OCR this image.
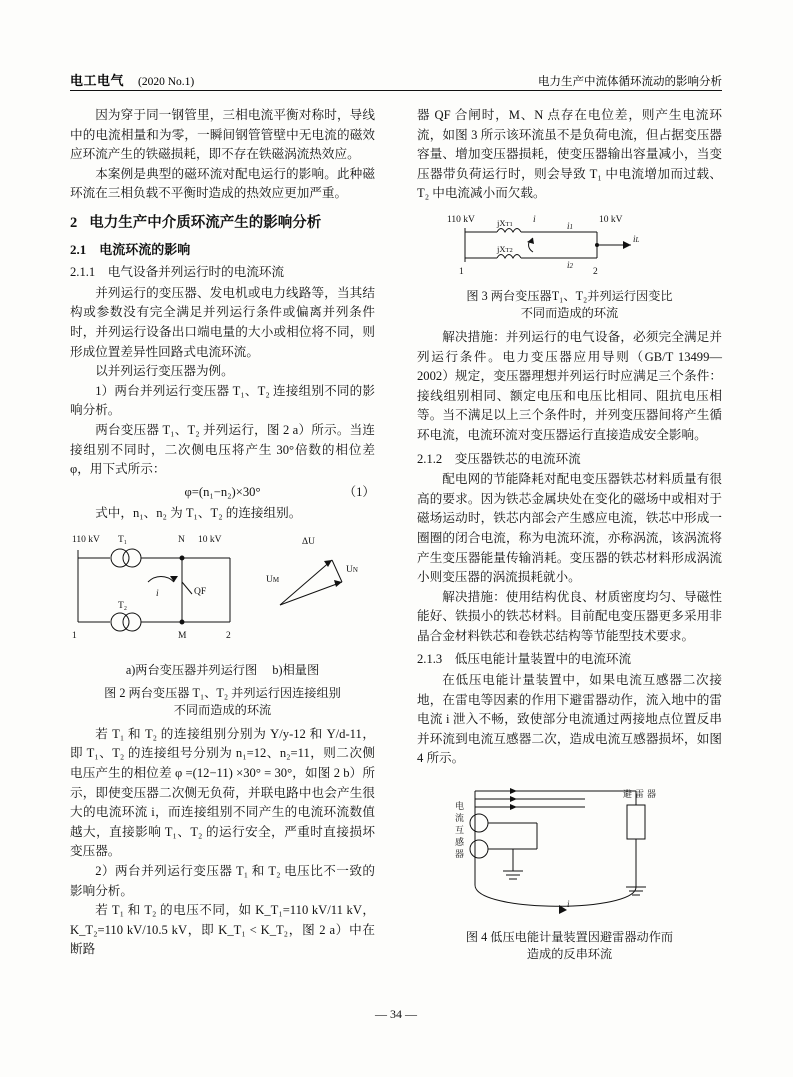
电工电气 (2020 No.1)	电力生产中流体循环流动的影响分析

因为穿于同一钢管里，三相电流平衡对称时，导线中的电流相量和为零，一瞬间钢管管壁中无电流的磁效应环流产生的铁磁损耗，即不存在铁磁涡流热效应。

本案例是典型的磁环流对配电运行的影响。此种磁环流在三相负载不平衡时造成的热效应更加严重。

2 电力生产中介质环流产生的影响分析
2.1　电流环流的影响
2.1.1　电气设备并列运行时的电流环流

并列运行的变压器、发电机或电力线路等，当其结构或参数没有完全满足并列运行条件或偏离并列条件时，并列运行设备出口端电量的大小或相位将不同，则形成位置差异性回路式电流环流。

以并列运行变压器为例。

1）两台并列运行变压器 T₁、T₂ 连接组别不同的影响分析。

两台变压器 T₁、T₂ 并列运行，图 2 a）所示。当连接组别不同时，二次侧电压将产生 30°倍数的相位差 φ，用下式所示：

φ=(n₁−n₂)×30°	（1）

式中，n₁、n₂ 为 T₁、T₂ 的连接组别。

110 kV T₁	N 10 kV
QF
i
T₂
1	M	2
ΔU
UM
UN

a)两台变压器并列运行图 b)相量图

图 2 两台变压器 T₁、T₂ 并列运行因连接组别
不同而造成的环流

若 T₁ 和 T₂ 的连接组别分别为 Y/y-12 和 Y/d-11，即 T₁、T₂ 的连接组号分别为 n₁=12、n₂=11，则二次侧电压产生的相位差 φ =(12−11) ×30° = 30°，如图 2 b）所示，即使变压器二次侧无负荷，并联电路中也会产生很大的电流环流 i，而连接组别不同产生的电流环流数值越大，直接影响 T₁、T₂ 的运行安全，严重时直接损坏变压器。

2）两台并列运行变压器 T₁ 和 T₂ 电压比不一致的影响分析。

若 T₁ 和 T₂ 的电压不同，如 K_T₁=110 kV/11 kV，K_T₂=110 kV/10.5 kV，即 K_T₁ < K_T₂，图 2 a）中在断路

器 QF 合闸时，M、N 点存在电位差，则产生电流环流，如图 3 所示该环流虽不是负荷电流，但占据变压器容量、增加变压器损耗，使变压器输出容量减小，当变压器带负荷运行时，则会导致 T₁ 中电流增加而过载、T₂ 中电流减小而欠载。

110 kV	i	10 kV
jXT1
jXT2
iL
i1
i2
1	2

图 3 两台变压器T₁、T₂并列运行因变比
不同而造成的环流

解决措施：并列运行的电气设备，必须完全满足并列运行条件。电力变压器应用导则（GB/T 13499—2002）规定，变压器理想并列运行时应满足三个条件：接线组别相同、额定电压和电压比相同、阻抗电压相等。当不满足以上三个条件时，并列变压器间将产生循环电流，电流环流对变压器运行直接造成安全影响。

2.1.2　变压器铁芯的电流环流

配电网的节能降耗对配电变压器铁芯材料质量有很高的要求。因为铁芯金属块处在变化的磁场中或相对于磁场运动时，铁芯内部会产生感应电流，铁芯中形成一圈圈的闭合电流，称为电流环流，亦称涡流，该涡流将产生变压器能量传输消耗。变压器的铁芯材料形成涡流小则变压器的涡流损耗就小。

解决措施：使用结构优良、材质密度均匀、导磁性能好、铁损小的铁芯材料。目前配电变压器更多采用非晶合金材料铁芯和卷铁芯结构等节能型技术要求。

2.1.3　低压电能计量装置中的电流环流

在低压电能计量装置中，如果电流互感器二次接地，在雷电等因素的作用下避雷器动作，流入地中的雷电流 i 泄入不畅，致使部分电流通过两接地点位置反串并环流到电流互感器二次，造成电流互感器损坏，如图 4 所示。

电
流
互
感
器
避 雷 器
i

图 4 低压电能计量装置因避雷器动作而
造成的反串环流

— 34 —
